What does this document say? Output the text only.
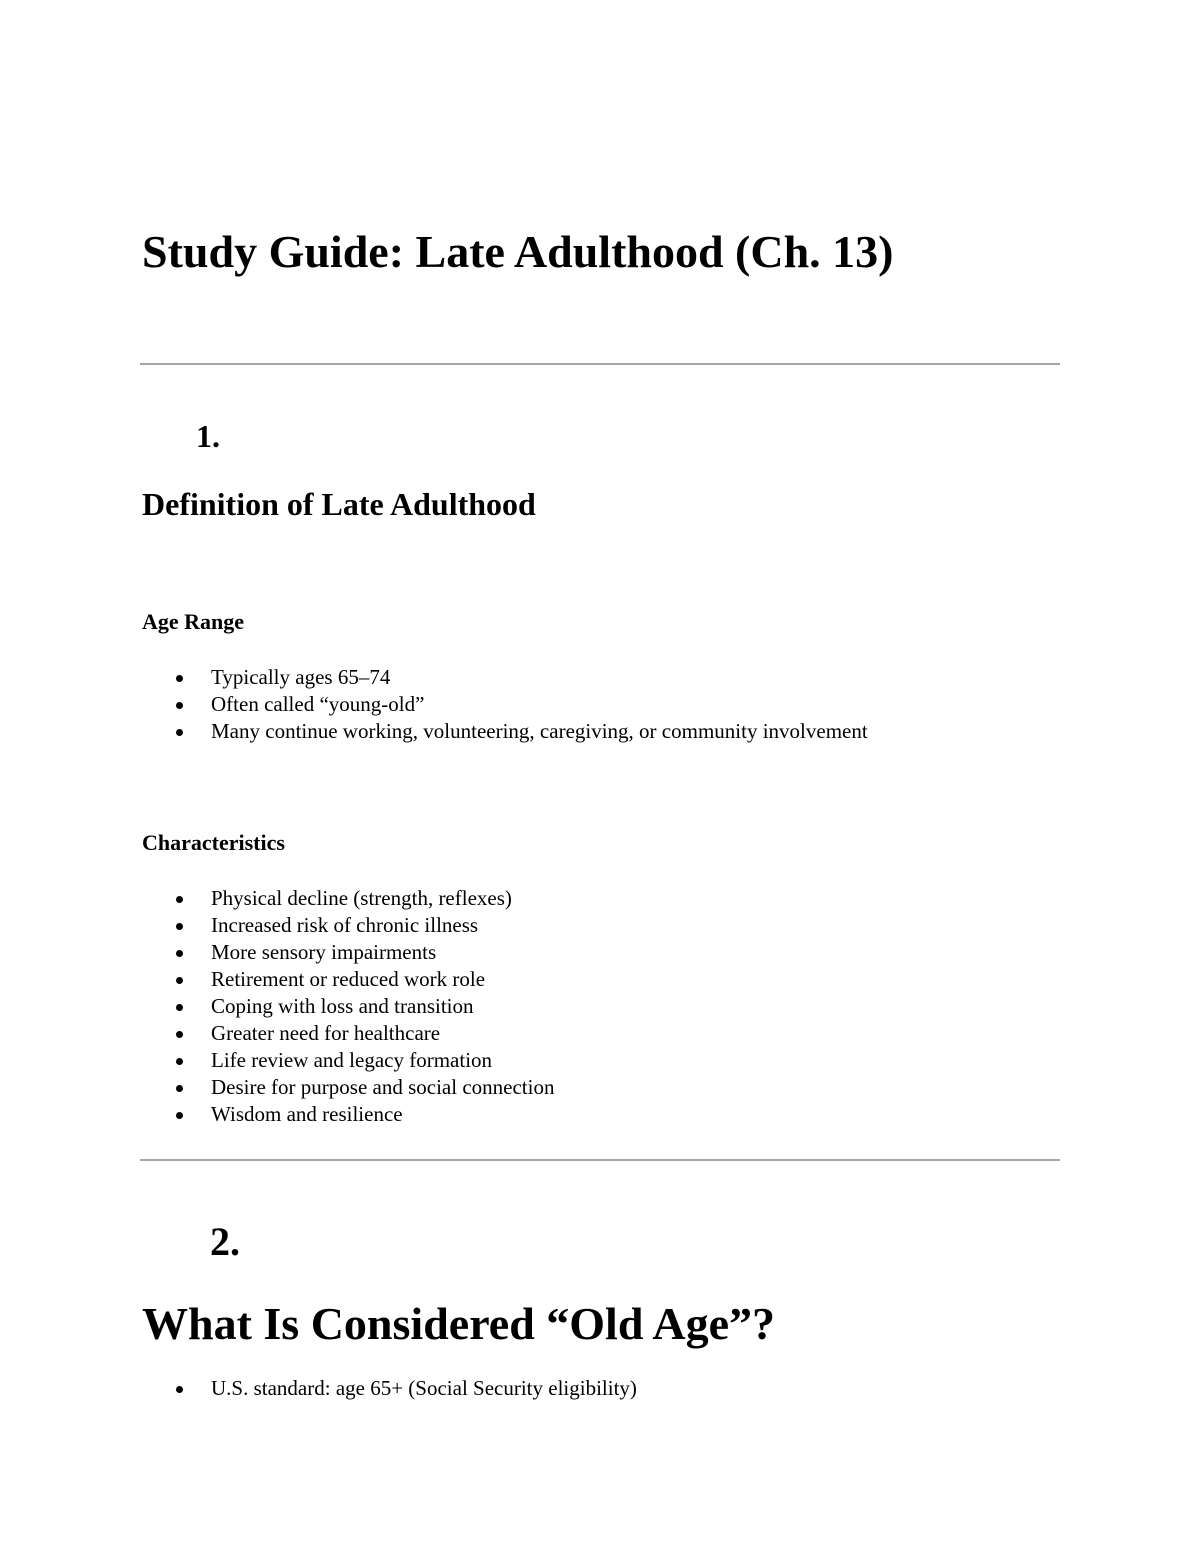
Study Guide: Late Adulthood (Ch. 13)
1.
Definition of Late Adulthood
Age Range
Typically ages 65–74
Often called “young-old”
Many continue working, volunteering, caregiving, or community involvement
Characteristics
Physical decline (strength, reflexes)
Increased risk of chronic illness
More sensory impairments
Retirement or reduced work role
Coping with loss and transition
Greater need for healthcare
Life review and legacy formation
Desire for purpose and social connection
Wisdom and resilience
2.
What Is Considered “Old Age”?
U.S. standard: age 65+ (Social Security eligibility)
